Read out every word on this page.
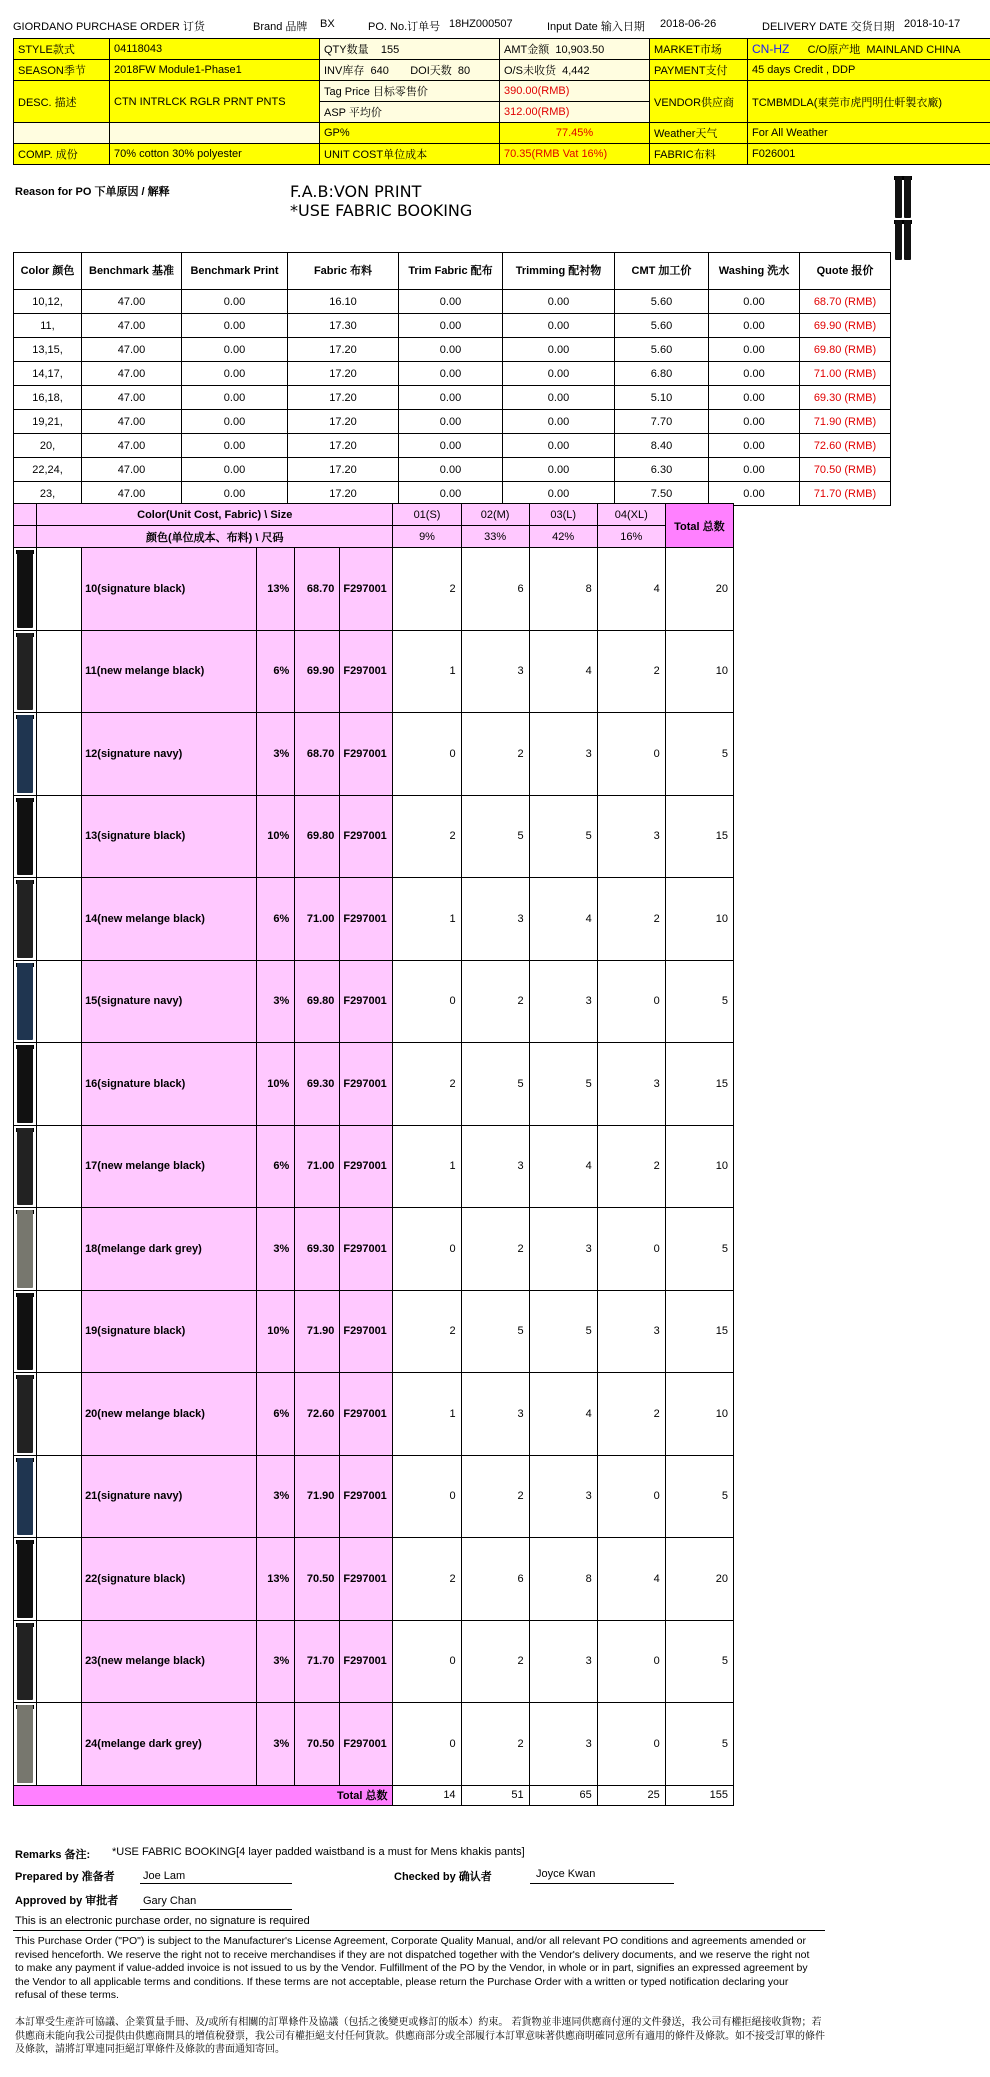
GIORDANO PURCHASE ORDER 订货	Brand 品牌 BX	PO. No.订单号 18HZ000507	Input Date 输入日期 2018-06-26	DELIVERY DATE 交货日期 2018-10-17
STYLE款式	04118043	QTY数量 155	AMT金额 10,903.50	MARKET市场	CN-HZ C/O原产地 MAINLAND CHINA
SEASON季节	2018FW Module1-Phase1	INV库存 640 DOI天数 80	O/S未收货 4,442	PAYMENT支付	45 days Credit , DDP
DESC. 描述	CTN INTRLCK RGLR PRNT PNTS	Tag Price 目标零售价	390.00(RMB)	VENDOR供应商	TCMBMDLA(東莞市虎門明仕軒製衣廠)
		ASP 平均价	312.00(RMB)		
		GP%	77.45%	Weather天气	For All Weather
COMP. 成份	70% cotton 30% polyester	UNIT COST单位成本	70.35(RMB Vat 16%)	FABRIC布料	F026001
Reason for PO 下单原因 / 解释	F.A.B:VON PRINT
*USE FABRIC BOOKING
Color 颜色	Benchmark 基准	Benchmark Print	Fabric 布料	Trim Fabric 配布	Trimming 配衬物	CMT 加工价	Washing 洗水	Quote 报价
10,12,	47.00	0.00	16.10	0.00	0.00	5.60	0.00	68.70 (RMB)
11,	47.00	0.00	17.30	0.00	0.00	5.60	0.00	69.90 (RMB)
13,15,	47.00	0.00	17.20	0.00	0.00	5.60	0.00	69.80 (RMB)
14,17,	47.00	0.00	17.20	0.00	0.00	6.80	0.00	71.00 (RMB)
16,18,	47.00	0.00	17.20	0.00	0.00	5.10	0.00	69.30 (RMB)
19,21,	47.00	0.00	17.20	0.00	0.00	7.70	0.00	71.90 (RMB)
20,	47.00	0.00	17.20	0.00	0.00	8.40	0.00	72.60 (RMB)
22,24,	47.00	0.00	17.20	0.00	0.00	6.30	0.00	70.50 (RMB)
23,	47.00	0.00	17.20	0.00	0.00	7.50	0.00	71.70 (RMB)
	Color(Unit Cost, Fabric) \ Size					01(S)	02(M)	03(L)	04(XL)	Total 总数
	颜色(单位成本、布料) \ 尺码					9%	33%	42%	16%	

		10(signature black)	13%	68.70	F297001	2	6	8	4	20

		11(new melange black)	6%	69.90	F297001	1	3	4	2	10

		12(signature navy)	3%	68.70	F297001	0	2	3	0	5

		13(signature black)	10%	69.80	F297001	2	5	5	3	15

		14(new melange black)	6%	71.00	F297001	1	3	4	2	10

		15(signature navy)	3%	69.80	F297001	0	2	3	0	5

		16(signature black)	10%	69.30	F297001	2	5	5	3	15

		17(new melange black)	6%	71.00	F297001	1	3	4	2	10

		18(melange dark grey)	3%	69.30	F297001	0	2	3	0	5

		19(signature black)	10%	71.90	F297001	2	5	5	3	15

		20(new melange black)	6%	72.60	F297001	1	3	4	2	10

		21(signature navy)	3%	71.90	F297001	0	2	3	0	5

		22(signature black)	13%	70.50	F297001	2	6	8	4	20

		23(new melange black)	3%	71.70	F297001	0	2	3	0	5

		24(melange dark grey)	3%	70.50	F297001	0	2	3	0	5
Total 总数						14	51	65	25	155
Remarks 备注: *USE FABRIC BOOKING[4 layer padded waistband is a must for Mens khakis pants]
Prepared by 准备者	Joe Lam	Checked by 确认者	Joyce Kwan
Approved by 审批者 Gary Chan
This is an electronic purchase order, no signature is required
This Purchase Order ("PO") is subject to the Manufacturer's License Agreement, Corporate Quality Manual, and/or all relevant PO conditions and agreements amended or revised henceforth. We reserve the right not to receive merchandises if they are not dispatched together with the Vendor's delivery documents, and we reserve the right not to make any payment if value-added invoice is not issued to us by the Vendor. Fulfillment of the PO by the Vendor, in whole or in part, signifies an expressed agreement by the Vendor to all applicable terms and conditions. If these terms are not acceptable, please return the Purchase Order with a written or typed notification declaring your refusal of these terms.
本訂單受生產許可協議、企業質量手冊、及/或所有相關的訂單條件及協議（包括之後變更或修訂的版本）約束。 若貨物並非連同供應商付運的文件發送，我公司有權拒絕接收貨物；若供應商未能向我公司提供由供應商開具的增值稅發票，我公司有權拒絕支付任何貨款。供應商部分或全部履行本訂單意味著供應商明確同意所有適用的條件及條款。如不接受訂單的條件及條款，請將訂單連同拒絕訂單條件及條款的書面通知寄回。
